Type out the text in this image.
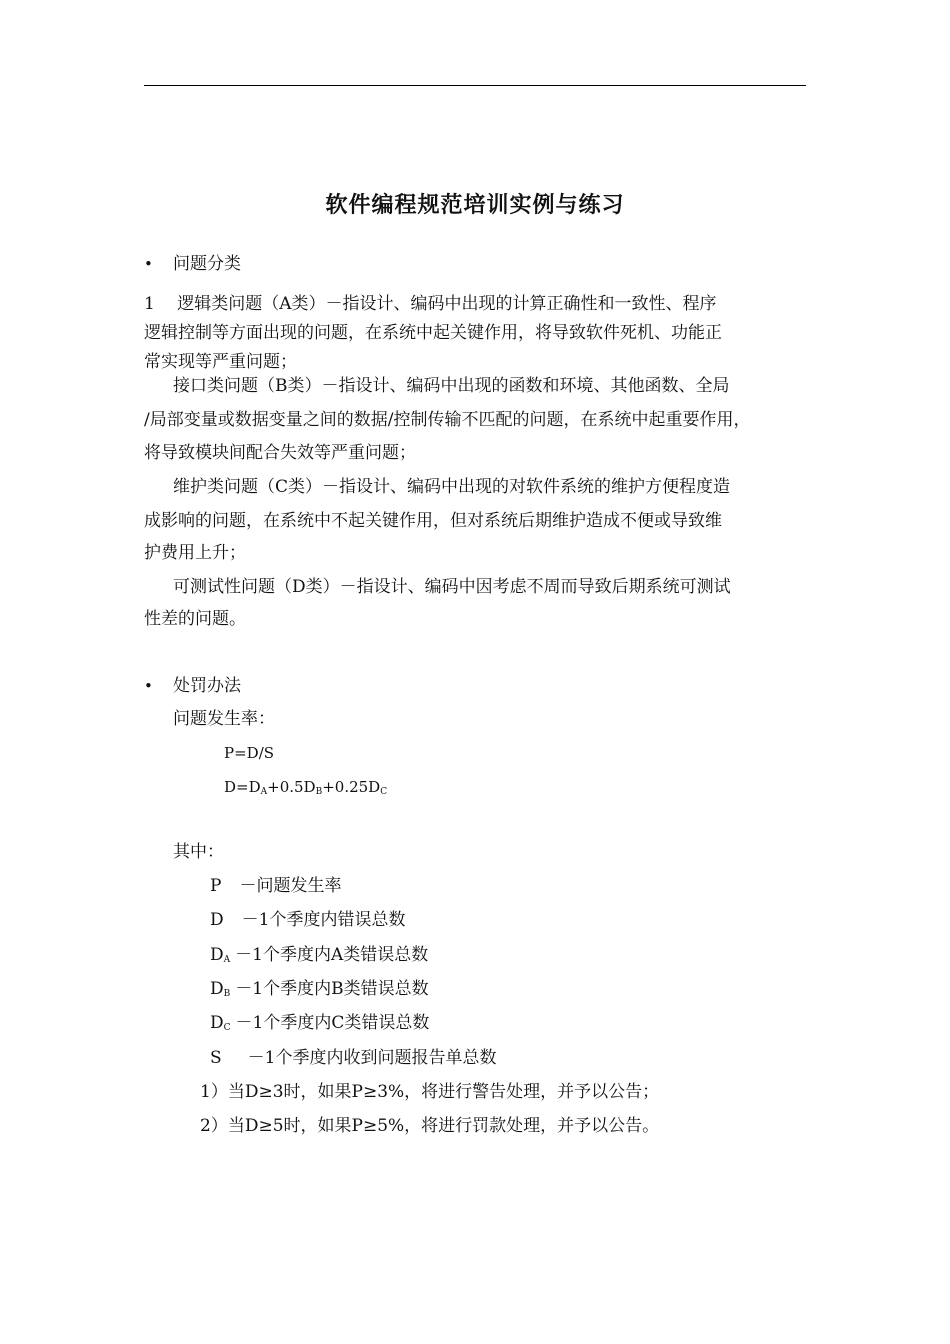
软件编程规范培训实例与练习
• 问题分类
1　 逻辑类问题（A类）－指设计、编码中出现的计算正确性和一致性、程序
逻辑控制等方面出现的问题，在系统中起关键作用，将导致软件死机、功能正
常实现等严重问题；
接口类问题（B类）－指设计、编码中出现的函数和环境、其他函数、全局
/局部变量或数据变量之间的数据/控制传输不匹配的问题，在系统中起重要作用，
将导致模块间配合失效等严重问题；
维护类问题（C类）－指设计、编码中出现的对软件系统的维护方便程度造
成影响的问题，在系统中不起关键作用，但对系统后期维护造成不便或导致维
护费用上升；
可测试性问题（D类）－指设计、编码中因考虑不周而导致后期系统可测试
性差的问题。
• 处罚办法
问题发生率：
P=D/S
$D=D_A+0.5D_B+0.25D_C$
其中：
P －问题发生率
D －1个季度内错误总数
$D_A -1$个季度内A类错误总数
$D_B -1$个季度内B类错误总数
$D_C -1$个季度内C类错误总数
S －1个季度内收到问题报告单总数
1）当D≥3时，如果P≥3%，将进行警告处理，并予以公告；
2）当D≥5时，如果P≥5%，将进行罚款处理，并予以公告。
